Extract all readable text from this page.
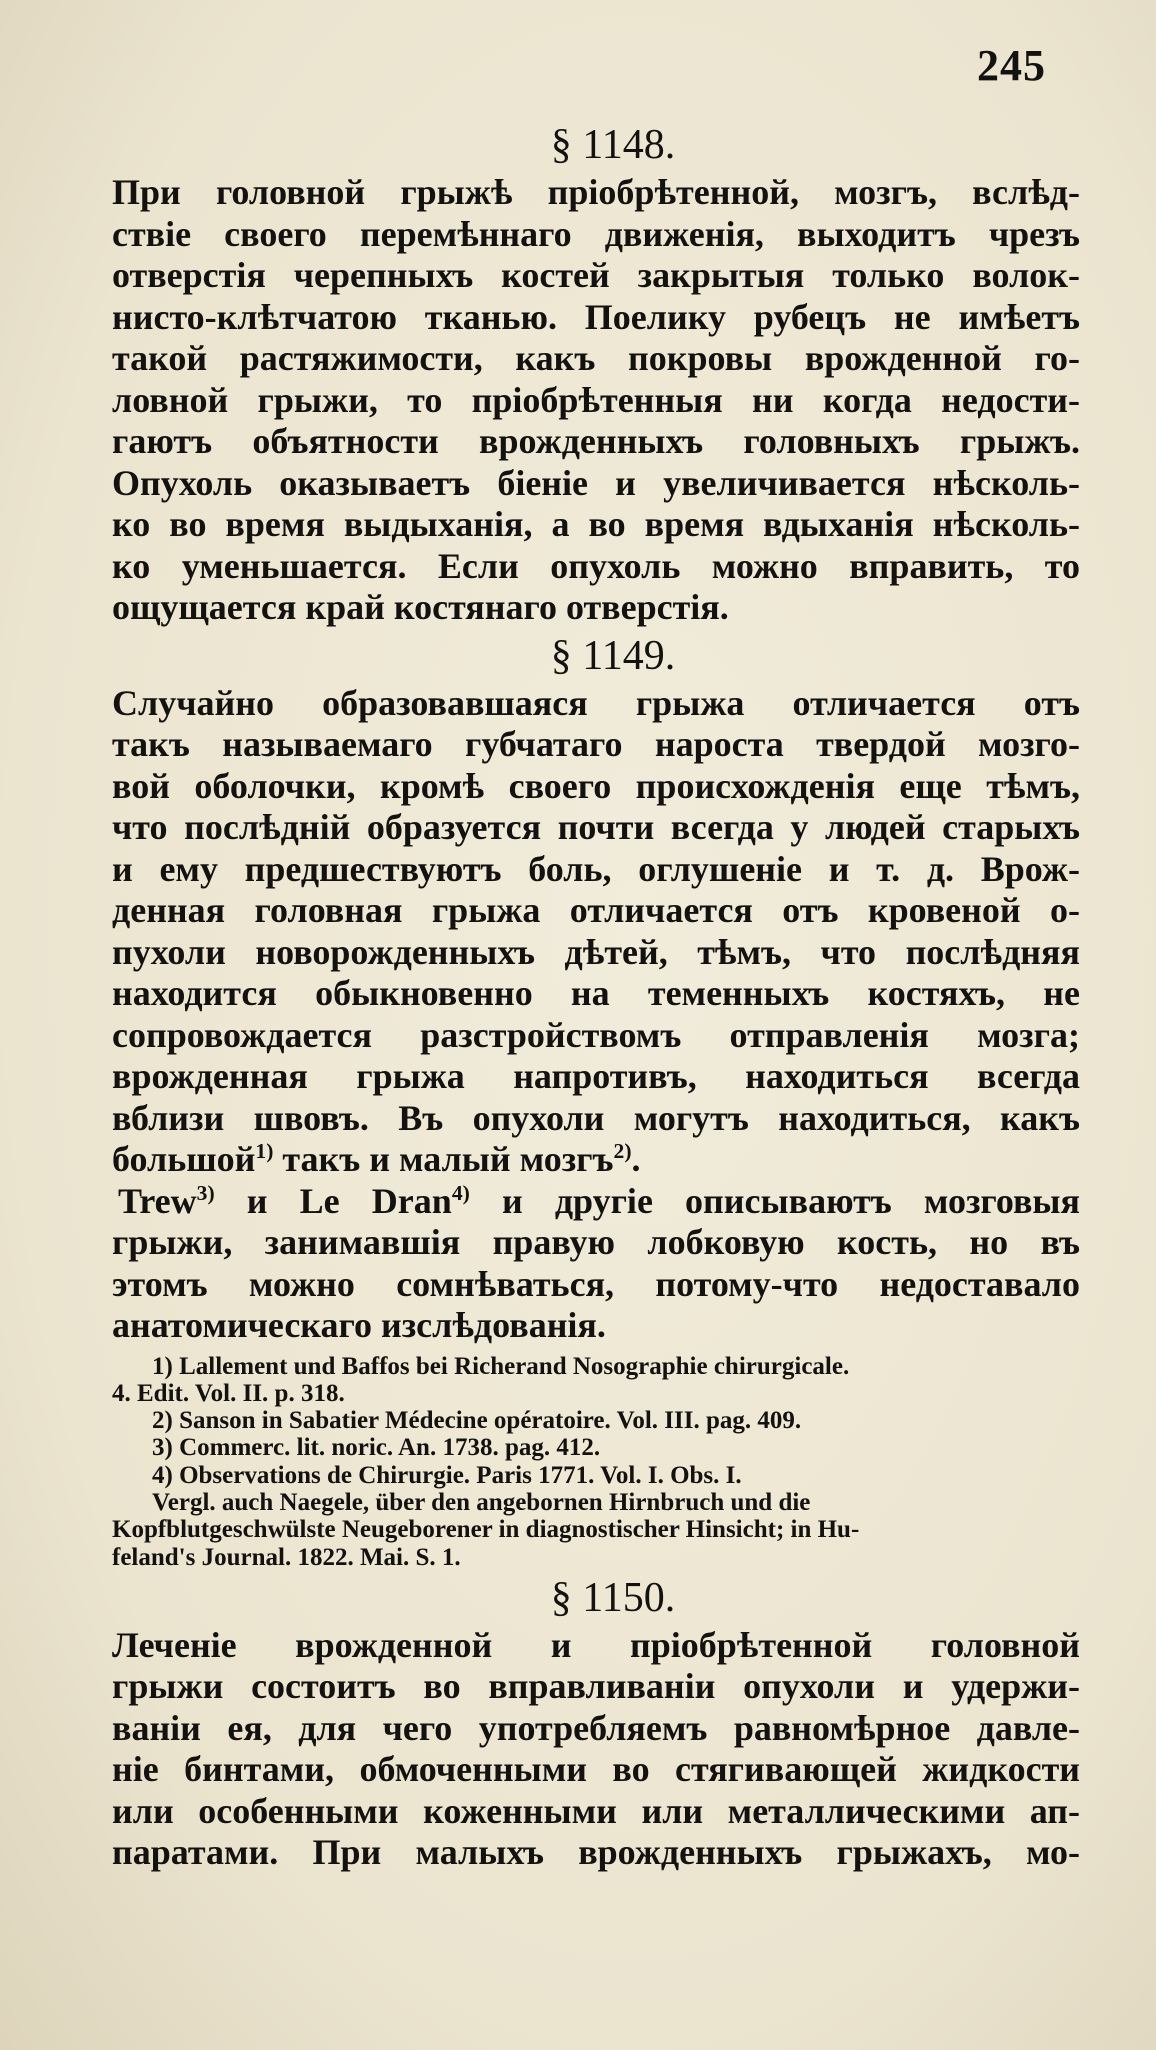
245
§ 1148.
При головной грыжѣ пріобрѣтенной, мозгъ, вслѣд-
ствіе своего перемѣннаго движенія, выходитъ чрезъ
отверстія черепныхъ костей закрытыя только волок-
нисто-клѣтчатою тканью. Поелику рубецъ не имѣетъ
такой растяжимости, какъ покровы врожденной го-
ловной грыжи, то пріобрѣтенныя ни когда недости-
гаютъ объятности врожденныхъ головныхъ грыжъ.
Опухоль оказываетъ біеніе и увеличивается нѣсколь-
ко во время выдыханія, а во время вдыханія нѣсколь-
ко уменьшается. Если опухоль можно вправить, то
ощущается край костянаго отверстія.
§ 1149.
Случайно образовавшаяся грыжа отличается отъ
такъ называемаго губчатаго нароста твердой мозго-
вой оболочки, кромѣ своего происхожденія еще тѣмъ,
что послѣдній образуется почти всегда у людей старыхъ
и ему предшествуютъ боль, оглушеніе и т. д. Врож-
денная головная грыжа отличается отъ кровеной о-
пухоли новорожденныхъ дѣтей, тѣмъ, что послѣдняя
находится обыкновенно на теменныхъ костяхъ, не
сопровождается разстройствомъ отправленія мозга;
врожденная грыжа напротивъ, находиться всегда
вблизи швовъ. Въ опухоли могутъ находиться, какъ
большой$^{1)}$ такъ и малый мозгъ$^{2)}$.
Trew$^{3)}$ и Le Dran$^{4)}$ и другіе описываютъ мозговыя
грыжи, занимавшія правую лобковую кость, но въ
этомъ можно сомнѣваться, потому-что недоставало
анатомическаго изслѣдованія.
1) Lallement und Baffos bei Richerand Nosographie chirurgicale.
4. Edit. Vol. II. p. 318.
2) Sanson in Sabatier Médecine opératoire. Vol. III. pag. 409.
3) Commerc. lit. noric. An. 1738. pag. 412.
4) Observations de Chirurgie. Paris 1771. Vol. I. Obs. I.
Vergl. auch Naegele, über den angebornen Hirnbruch und die
Kopfblutgeschwülste Neugeborener in diagnostischer Hinsicht; in Hu-
feland's Journal. 1822. Mai. S. 1.
§ 1150.
Леченіе врожденной и пріобрѣтенной головной
грыжи состоитъ во вправливаніи опухоли и удержи-
ваніи ея, для чего употребляемъ равномѣрное давле-
ніе бинтами, обмоченными во стягивающей жидкости
или особенными коженными или металлическими ап-
паратами. При малыхъ врожденныхъ грыжахъ, мо-
